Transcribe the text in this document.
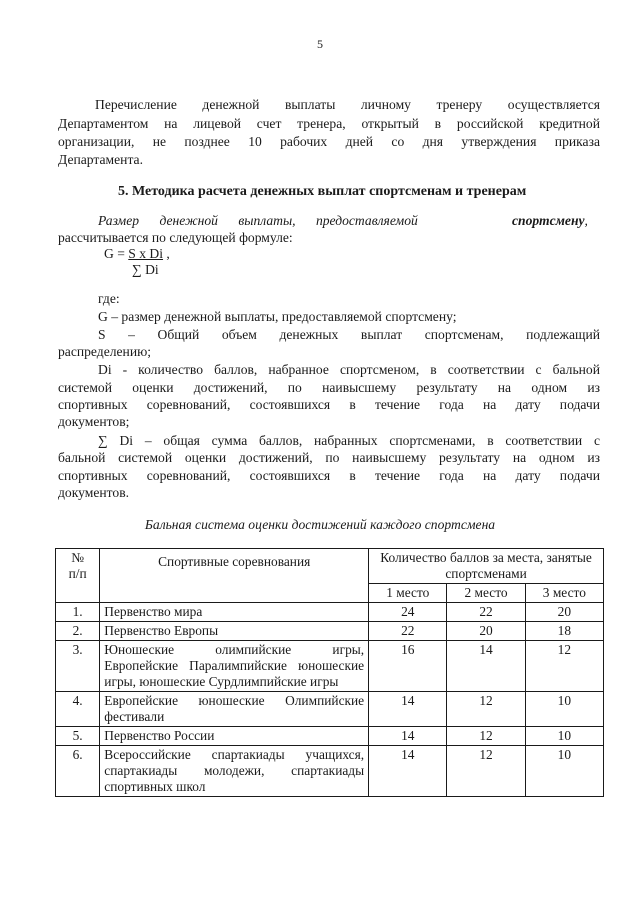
5
Перечисление денежной выплаты личному тренеру осуществляется
Департаментом на лицевой счет тренера, открытый в российской кредитной
организации, не позднее 10 рабочих дней со дня утверждения приказа
Департамента.
5. Методика расчета денежных выплат спортсменам и тренерам
Размер      денежной      выплаты,      предоставляемой	спортсмену,
рассчитывается по следующей формуле:
G = S x Di ,
∑ Di
где:
G – размер денежной выплаты, предоставляемой спортсмену;
S  –  Общий  объем  денежных  выплат  спортсменам,  подлежащий
распределению;
Di - количество баллов, набранное спортсменом, в соответствии с бальной
системой оценки достижений, по наивысшему результату на одном из
спортивных соревнований, состоявшихся в течение года на дату подачи
документов;
∑ Di – общая сумма баллов, набранных спортсменами, в соответствии с
бальной системой оценки достижений, по наивысшему результату на одном из
спортивных соревнований, состоявшихся в течение года на дату подачи
документов.
Бальная система оценки достижений каждого спортсмена
№
п/п	Спортивные соревнования	Количество баллов за места, занятые спортсменами		
		1 место	2 место	3 место
1.	Первенство мира	24	22	20
2.	Первенство Европы	22	20	18
3.	Юношеские олимпийские игры, Европейские Паралимпийские юношеские игры, юношеские Сурдлимпийские игры	16	14	12
4.	Европейские юношеские Олимпийские фестивали	14	12	10
5.	Первенство России	14	12	10
6.	Всероссийские спартакиады учащихся, спартакиады молодежи, спартакиады спортивных школ	14	12	10
